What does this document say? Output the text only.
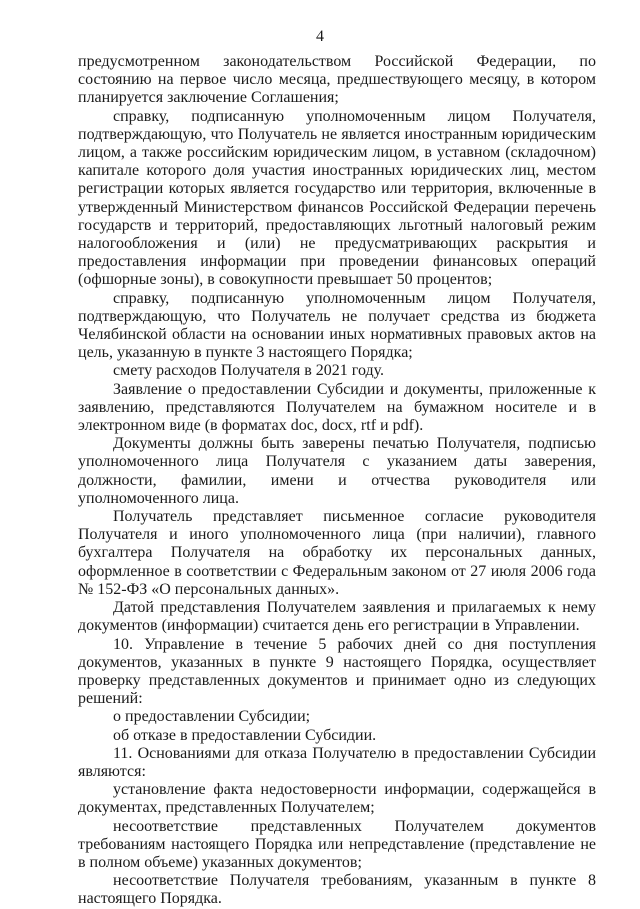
4

предусмотренном законодательством Российской Федерации, по состоянию на первое число месяца, предшествующего месяцу, в котором планируется заключение Соглашения;

справку, подписанную уполномоченным лицом Получателя, подтверждающую, что Получатель не является иностранным юридическим лицом, а также российским юридическим лицом, в уставном (складочном) капитале которого доля участия иностранных юридических лиц, местом регистрации которых является государство или территория, включенные в утвержденный Министерством финансов Российской Федерации перечень государств и территорий, предоставляющих льготный налоговый режим налогообложения и (или) не предусматривающих раскрытия и предоставления информации при проведении финансовых операций (офшорные зоны), в совокупности превышает 50 процентов;

справку, подписанную уполномоченным лицом Получателя, подтверждающую, что Получатель не получает средства из бюджета Челябинской области на основании иных нормативных правовых актов на цель, указанную в пункте 3 настоящего Порядка;

смету расходов Получателя в 2021 году.

Заявление о предоставлении Субсидии и документы, приложенные к заявлению, представляются Получателем на бумажном носителе и в электронном виде (в форматах doc, docx, rtf и pdf).

Документы должны быть заверены печатью Получателя, подписью уполномоченного лица Получателя с указанием даты заверения, должности, фамилии, имени и отчества руководителя или уполномоченного лица.

Получатель представляет письменное согласие руководителя Получателя и иного уполномоченного лица (при наличии), главного бухгалтера Получателя на обработку их персональных данных, оформленное в соответствии с Федеральным законом от 27 июля 2006 года № 152-ФЗ «О персональных данных».

Датой представления Получателем заявления и прилагаемых к нему документов (информации) считается день его регистрации в Управлении.

10. Управление в течение 5 рабочих дней со дня поступления документов, указанных в пункте 9 настоящего Порядка, осуществляет проверку представленных документов и принимает одно из следующих решений:

о предоставлении Субсидии;

об отказе в предоставлении Субсидии.

11. Основаниями для отказа Получателю в предоставлении Субсидии являются:

установление факта недостоверности информации, содержащейся в документах, представленных Получателем;

несоответствие представленных Получателем документов требованиям настоящего Порядка или непредставление (представление не в полном объеме) указанных документов;

несоответствие Получателя требованиям, указанным в пункте 8 настоящего Порядка.
